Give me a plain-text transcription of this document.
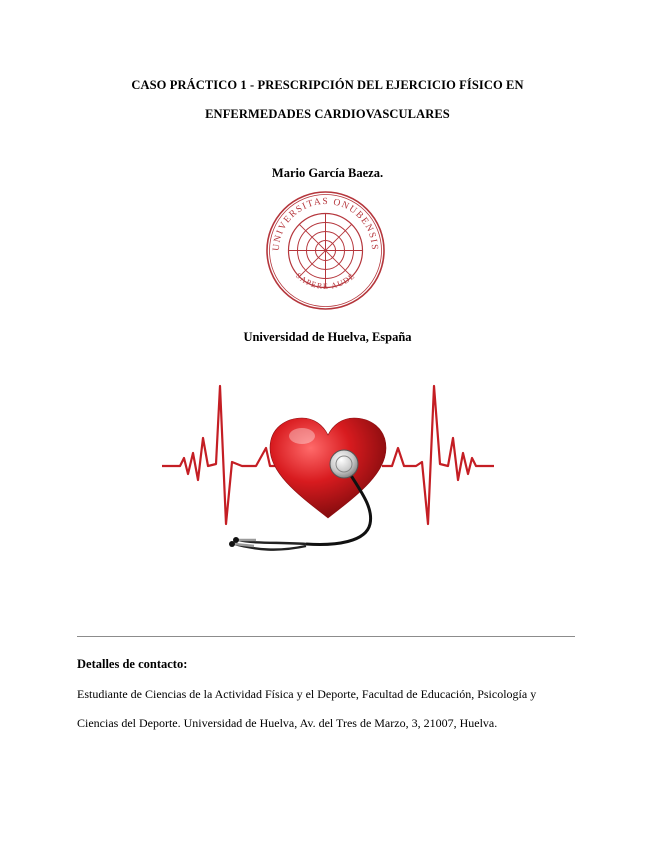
CASO PRÁCTICO 1 - PRESCRIPCIÓN DEL EJERCICIO FÍSICO EN
ENFERMEDADES CARDIOVASCULARES
Mario García Baeza.
UNIVERSITAS ONUBENSIS
SAPERE AUDE
Universidad de Huelva, España
Detalles de contacto:
Estudiante de Ciencias de la Actividad Física y el Deporte, Facultad de Educación, Psicología y
Ciencias del Deporte. Universidad de Huelva, Av. del Tres de Marzo, 3, 21007, Huelva.
